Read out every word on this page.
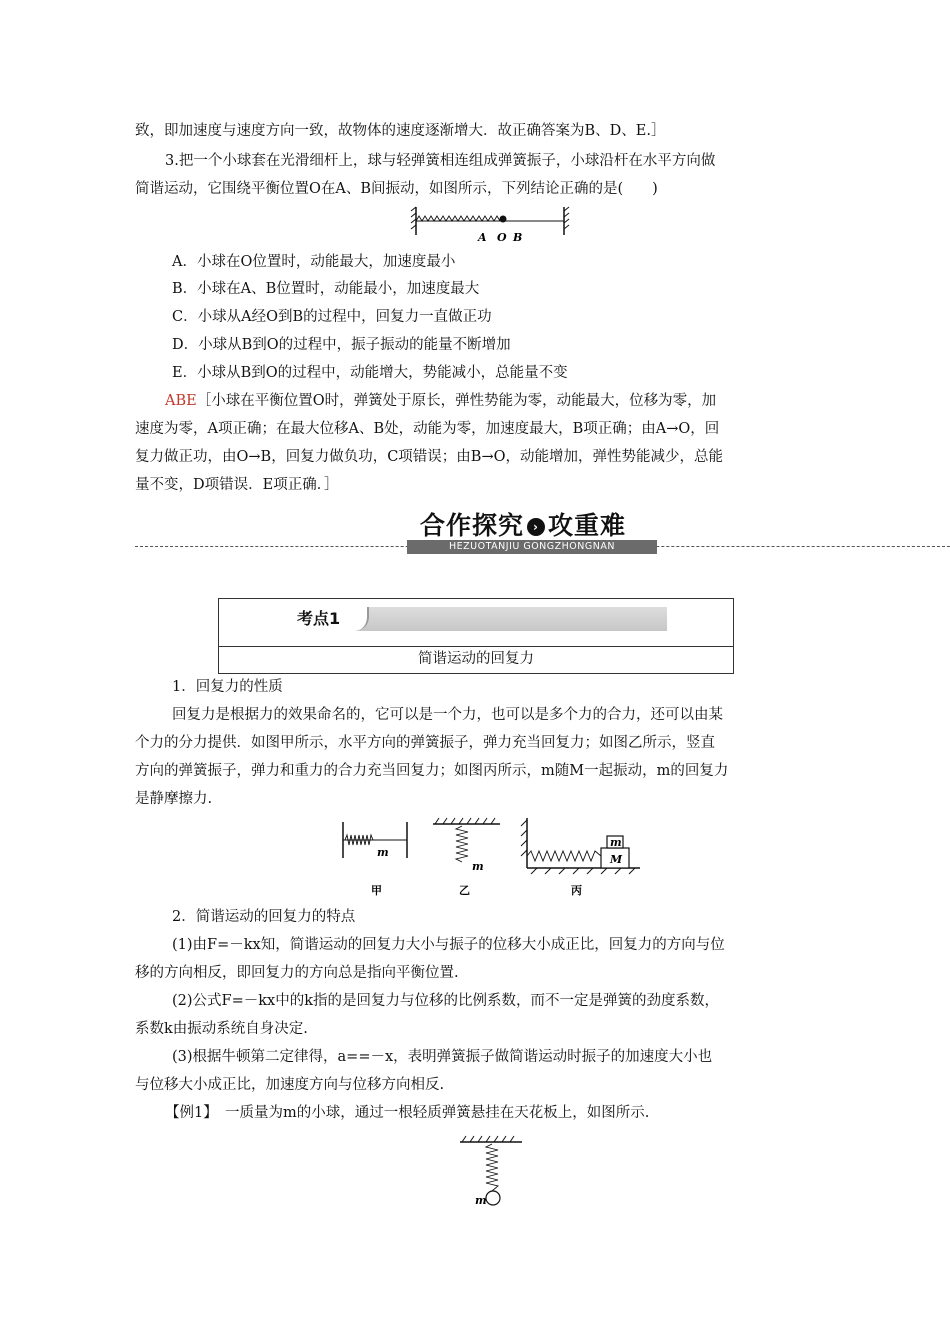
致，即加速度与速度方向一致，故物体的速度逐渐增大．故正确答案为B、D、E.］
3.把一个小球套在光滑细杆上，球与轻弹簧相连组成弹簧振子，小球沿杆在水平方向做
简谐运动，它围绕平衡位置O在A、B间振动，如图所示，下列结论正确的是(　　)
A O B
A．小球在O位置时，动能最大，加速度最小
B．小球在A、B位置时，动能最小，加速度最大
C．小球从A经O到B的过程中，回复力一直做正功
D．小球从B到O的过程中，振子振动的能量不断增加
E．小球从B到O的过程中，动能增大，势能减小，总能量不变
ABE［小球在平衡位置O时，弹簧处于原长，弹性势能为零，动能最大，位移为零，加
速度为零，A项正确；在最大位移A、B处，动能为零，加速度最大，B项正确；由A→O，回
复力做正功，由O→B，回复力做负功，C项错误；由B→O，动能增加，弹性势能减少，总能
量不变，D项错误．E项正确．］
合作探究 › 攻重难
HEZUOTANJIU GONGZHONGNAN
考点1
简谐运动的回复力
1．回复力的性质
回复力是根据力的效果命名的，它可以是一个力，也可以是多个力的合力，还可以由某
个力的分力提供．如图甲所示，水平方向的弹簧振子，弹力充当回复力；如图乙所示，竖直
方向的弹簧振子，弹力和重力的合力充当回复力；如图丙所示，m随M一起振动，m的回复力
是静摩擦力.
m
甲
m
乙
m
M
丙
2．简谐运动的回复力的特点
(1)由F=－kx知，简谐运动的回复力大小与振子的位移大小成正比，回复力的方向与位
移的方向相反，即回复力的方向总是指向平衡位置.
(2)公式F=－kx中的k指的是回复力与位移的比例系数，而不一定是弹簧的劲度系数，
系数k由振动系统自身决定.
(3)根据牛顿第二定律得，a==－x，表明弹簧振子做简谐运动时振子的加速度大小也
与位移大小成正比，加速度方向与位移方向相反.
【例1】　一质量为m的小球，通过一根轻质弹簧悬挂在天花板上，如图所示.
m
